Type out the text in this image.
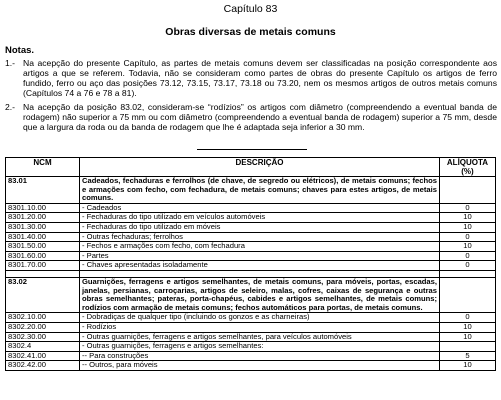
Capítulo 83
Obras diversas de metais comuns
Notas.
1.- Na acepção do presente Capítulo, as partes de metais comuns devem ser classificadas na posição correspondente aos artigos a que se referem. Todavia, não se consideram como partes de obras do presente Capítulo os artigos de ferro fundido, ferro ou aço das posições 73.12, 73.15, 73.17, 73.18 ou 73.20, nem os mesmos artigos de outros metais comuns (Capítulos 74 a 76 e 78 a 81).
2.- Na acepção da posição 83.02, consideram-se “rodízios” os artigos com diâmetro (compreendendo a eventual banda de rodagem) não superior a 75 mm ou com diâmetro (compreendendo a eventual banda de rodagem) superior a 75 mm, desde que a largura da roda ou da banda de rodagem que lhe é adaptada seja inferior a 30 mm.
NCM	DESCRIÇÃO	ALÍQUOTA (%)
83.01	Cadeados, fechaduras e ferrolhos (de chave, de segredo ou elétricos), de metais comuns; fechos e armações com fecho, com fechadura, de metais comuns; chaves para estes artigos, de metais comuns.	
8301.10.00	- Cadeados	0
8301.20.00	- Fechaduras do tipo utilizado em veículos automóveis	10
8301.30.00	- Fechaduras do tipo utilizado em móveis	10
8301.40.00	- Outras fechaduras; ferrolhos	0
8301.50.00	- Fechos e armações com fecho, com fechadura	10
8301.60.00	- Partes	0
8301.70.00	- Chaves apresentadas isoladamente	0

83.02	Guarnições, ferragens e artigos semelhantes, de metais comuns, para móveis, portas, escadas, janelas, persianas, carroçarias, artigos de seleiro, malas, cofres, caixas de segurança e outras obras semelhantes; pateras, porta-chapéus, cabides e artigos semelhantes, de metais comuns; rodízios com armação de metais comuns; fechos automáticos para portas, de metais comuns.	
8302.10.00	- Dobradiças de qualquer tipo (incluindo os gonzos e as charneiras)	0
8302.20.00	- Rodízios	10
8302.30.00	- Outras guarnições, ferragens e artigos semelhantes, para veículos automóveis	10
8302.4	- Outras guarnições, ferragens e artigos semelhantes:	
8302.41.00	-- Para construções	5
8302.42.00	-- Outros, para móveis	10
